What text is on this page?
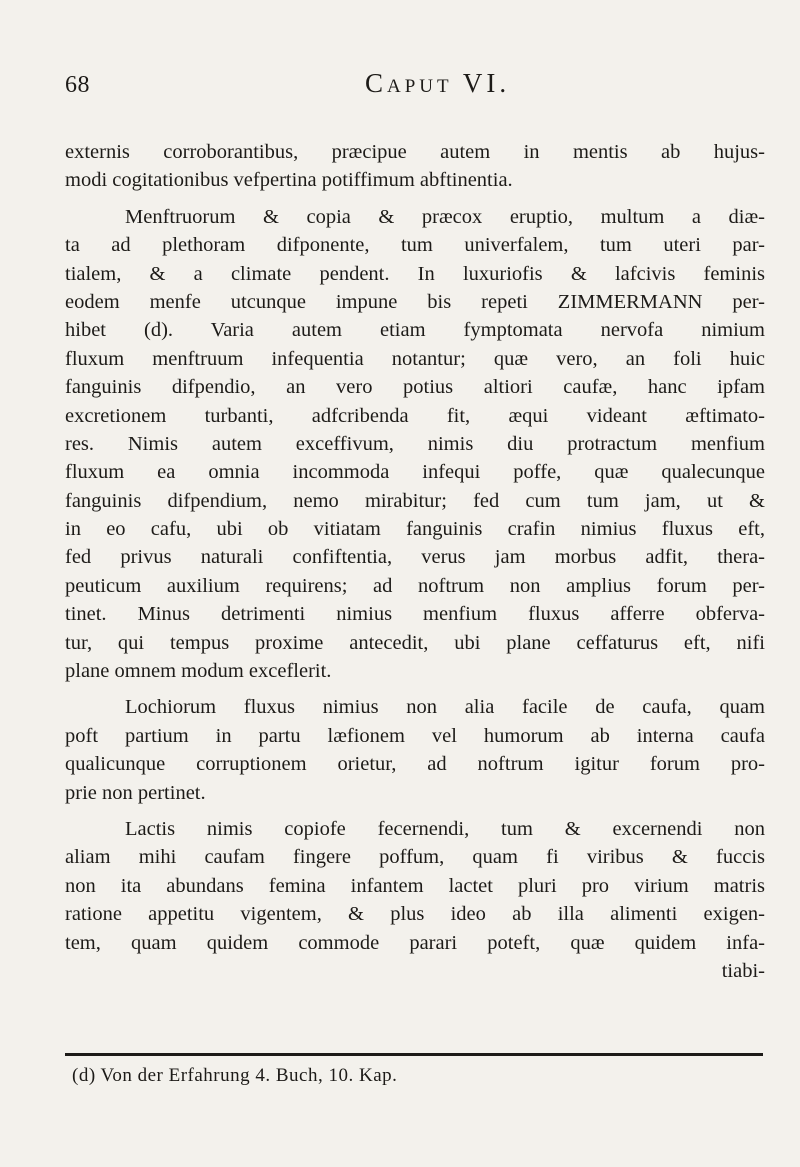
68	Caput VI.
externis corroborantibus, præcipue autem in mentis ab hujus-
modi cogitationibus vefpertina potiffimum abftinentia.
Menftruorum & copia & præcox eruptio, multum a diæ-
ta ad plethoram difponente, tum univerfalem, tum uteri par-
tialem, & a climate pendent. In luxuriofis & lafcivis feminis
eodem menfe utcunque impune bis repeti ZIMMERMANN per-
hibet (d). Varia autem etiam fymptomata nervofa nimium
fluxum menftruum infequentia notantur; quæ vero, an foli huic
fanguinis difpendio, an vero potius altiori caufæ, hanc ipfam
excretionem turbanti, adfcribenda fit, æqui videant æftimato-
res. Nimis autem exceffivum, nimis diu protractum menfium
fluxum ea omnia incommoda infequi poffe, quæ qualecunque
fanguinis difpendium, nemo mirabitur; fed cum tum jam, ut &
in eo cafu, ubi ob vitiatam fanguinis crafin nimius fluxus eft,
fed privus naturali confiftentia, verus jam morbus adfit, thera-
peuticum auxilium requirens; ad noftrum non amplius forum per-
tinet. Minus detrimenti nimius menfium fluxus afferre obferva-
tur, qui tempus proxime antecedit, ubi plane ceffaturus eft, nifi
plane omnem modum exceflerit.
Lochiorum fluxus nimius non alia facile de caufa, quam
poft partium in partu læfionem vel humorum ab interna caufa
qualicunque corruptionem orietur, ad noftrum igitur forum pro-
prie non pertinet.
Lactis nimis copiofe fecernendi, tum & excernendi non
aliam mihi caufam fingere poffum, quam fi viribus & fuccis
non ita abundans femina infantem lactet pluri pro virium matris
ratione appetitu vigentem, & plus ideo ab illa alimenti exigen-
tem, quam quidem commode parari poteft, quæ quidem infa-
tiabi-
(d) Von der Erfahrung 4. Buch, 10. Kap.
